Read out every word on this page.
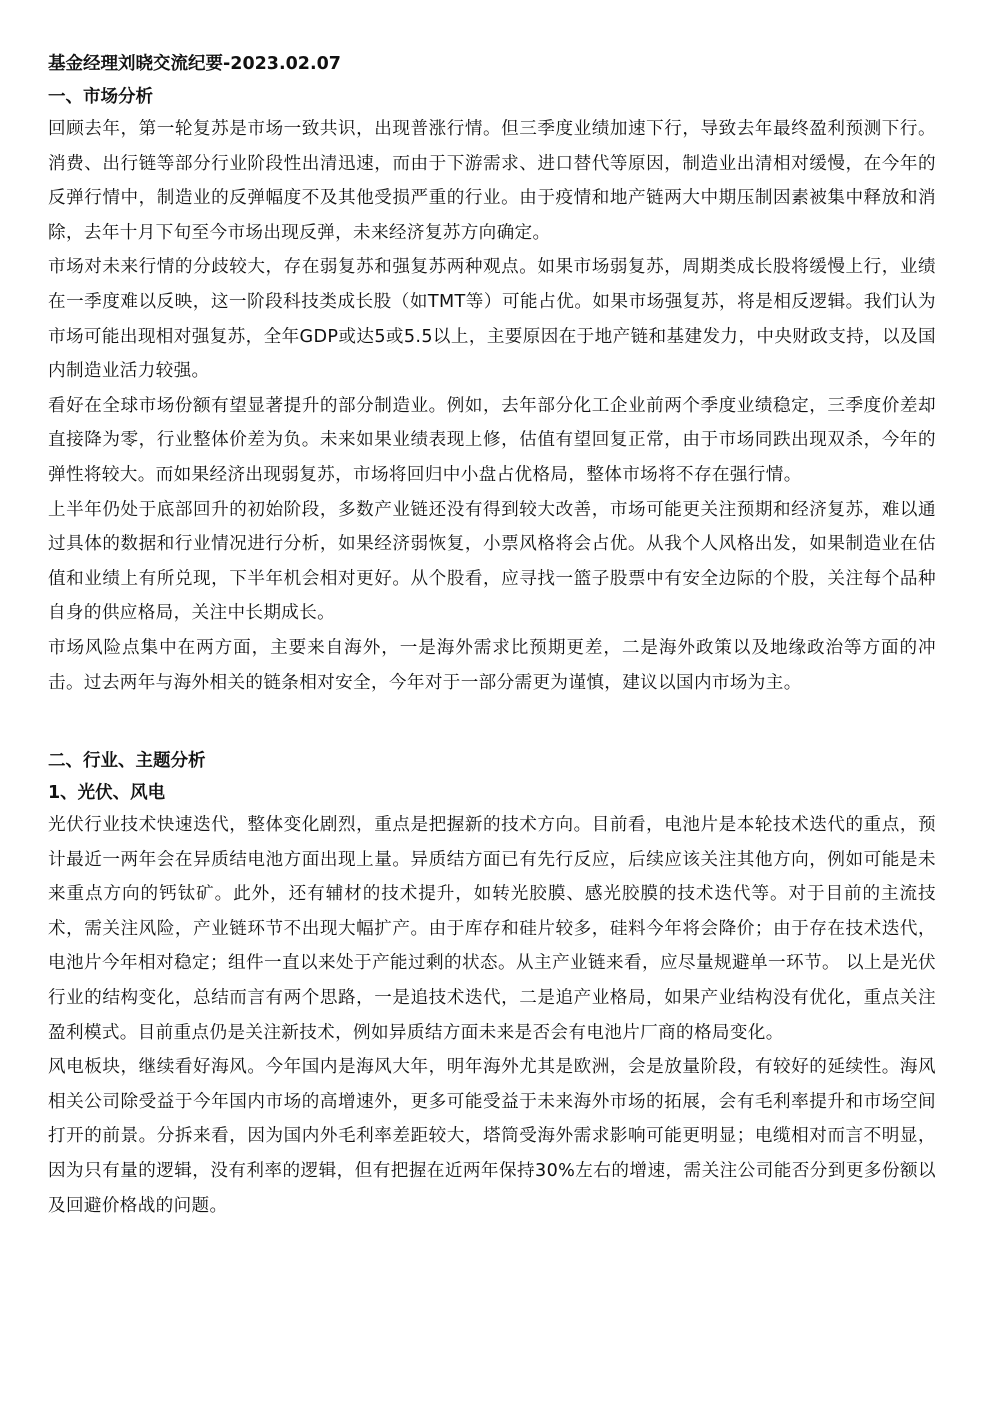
基金经理刘晓交流纪要-2023.02.07
一、市场分析

回顾去年，第一轮复苏是市场一致共识，出现普涨行情。但三季度业绩加速下行，导致去年最终盈利预测下行。消费、出行链等部分行业阶段性出清迅速，而由于下游需求、进口替代等原因，制造业出清相对缓慢，在今年的反弹行情中，制造业的反弹幅度不及其他受损严重的行业。由于疫情和地产链两大中期压制因素被集中释放和消除，去年十月下旬至今市场出现反弹，未来经济复苏方向确定。

市场对未来行情的分歧较大，存在弱复苏和强复苏两种观点。如果市场弱复苏，周期类成长股将缓慢上行，业绩在一季度难以反映，这一阶段科技类成长股（如TMT等）可能占优。如果市场强复苏，将是相反逻辑。我们认为市场可能出现相对强复苏，全年GDP或达5或5.5以上，主要原因在于地产链和基建发力，中央财政支持，以及国内制造业活力较强。

看好在全球市场份额有望显著提升的部分制造业。例如，去年部分化工企业前两个季度业绩稳定，三季度价差却直接降为零，行业整体价差为负。未来如果业绩表现上修，估值有望回复正常，由于市场同跌出现双杀，今年的弹性将较大。而如果经济出现弱复苏，市场将回归中小盘占优格局，整体市场将不存在强行情。

上半年仍处于底部回升的初始阶段，多数产业链还没有得到较大改善，市场可能更关注预期和经济复苏，难以通过具体的数据和行业情况进行分析，如果经济弱恢复，小票风格将会占优。从我个人风格出发，如果制造业在估值和业绩上有所兑现，下半年机会相对更好。从个股看，应寻找一篮子股票中有安全边际的个股，关注每个品种自身的供应格局，关注中长期成长。

市场风险点集中在两方面，主要来自海外，一是海外需求比预期更差，二是海外政策以及地缘政治等方面的冲击。过去两年与海外相关的链条相对安全，今年对于一部分需更为谨慎，建议以国内市场为主。

二、行业、主题分析
1、光伏、风电

光伏行业技术快速迭代，整体变化剧烈，重点是把握新的技术方向。目前看，电池片是本轮技术迭代的重点，预计最近一两年会在异质结电池方面出现上量。异质结方面已有先行反应，后续应该关注其他方向，例如可能是未来重点方向的钙钛矿。此外，还有辅材的技术提升，如转光胶膜、感光胶膜的技术迭代等。对于目前的主流技术，需关注风险，产业链环节不出现大幅扩产。由于库存和硅片较多，硅料今年将会降价；由于存在技术迭代，电池片今年相对稳定；组件一直以来处于产能过剩的状态。从主产业链来看，应尽量规避单一环节。 以上是光伏行业的结构变化，总结而言有两个思路，一是追技术迭代，二是追产业格局，如果产业结构没有优化，重点关注盈利模式。目前重点仍是关注新技术，例如异质结方面未来是否会有电池片厂商的格局变化。

风电板块，继续看好海风。今年国内是海风大年，明年海外尤其是欧洲，会是放量阶段，有较好的延续性。海风相关公司除受益于今年国内市场的高增速外，更多可能受益于未来海外市场的拓展，会有毛利率提升和市场空间打开的前景。分拆来看，因为国内外毛利率差距较大，塔筒受海外需求影响可能更明显；电缆相对而言不明显，因为只有量的逻辑，没有利率的逻辑，但有把握在近两年保持30%左右的增速，需关注公司能否分到更多份额以及回避价格战的问题。
